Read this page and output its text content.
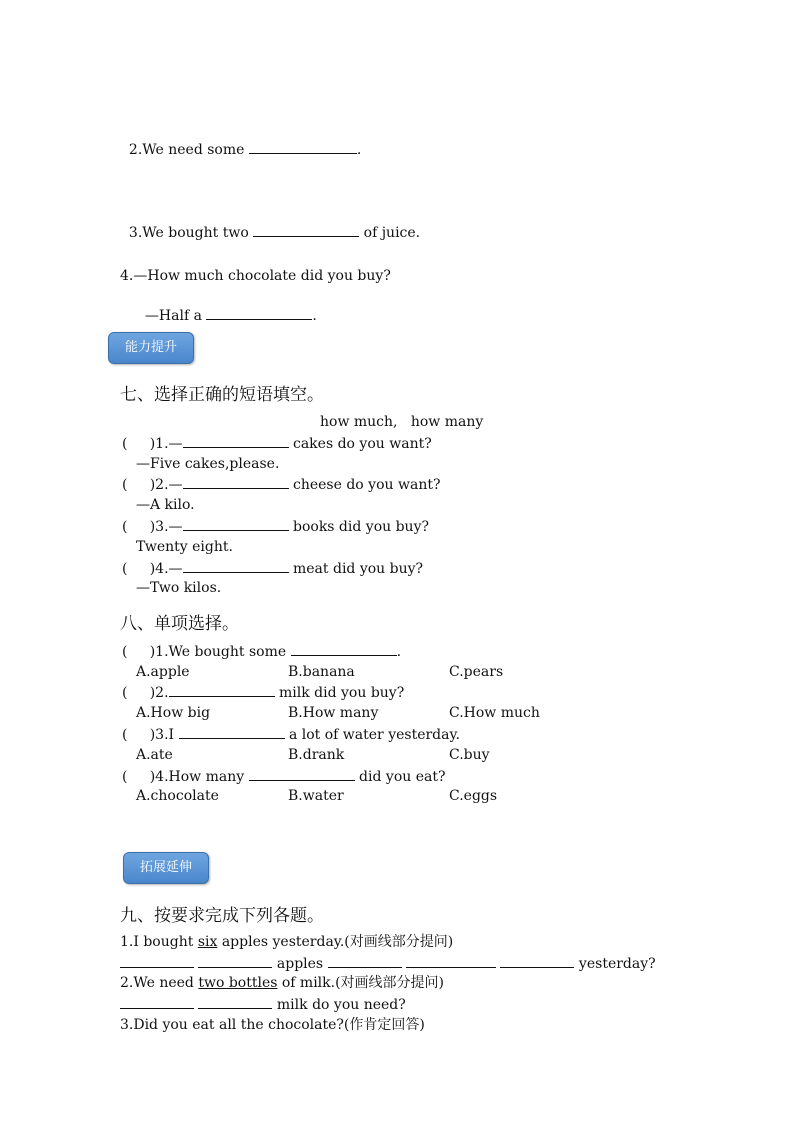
2.We need some	.

3.We bought two	of juice.

4.—How much chocolate did you buy?

—Half a	.

能力提升
七、选择正确的短语填空。
how much,   how many
(     )1.—	cakes do you want?
—Five cakes,please.
(     )2.—	cheese do you want?
—A kilo.
(     )3.—	books did you buy?
Twenty eight.
(     )4.—	meat did you buy?
—Two kilos.
八、单项选择。
(     )1.We bought some	.
A.apple	B.banana	C.pears
(     )2.	milk did you buy?
A.How big	B.How many	C.How much
(     )3.I	a lot of water yesterday.
A.ate	B.drank	C.buy
(     )4.How many	did you eat?
A.chocolate	B.water	C.eggs
拓展延伸
九、按要求完成下列各题。
1.I bought six apples yesterday.(对画线部分提问)
apples	yesterday?
2.We need two bottles of milk.(对画线部分提问)
milk do you need?
3.Did you eat all the chocolate?(作肯定回答)
